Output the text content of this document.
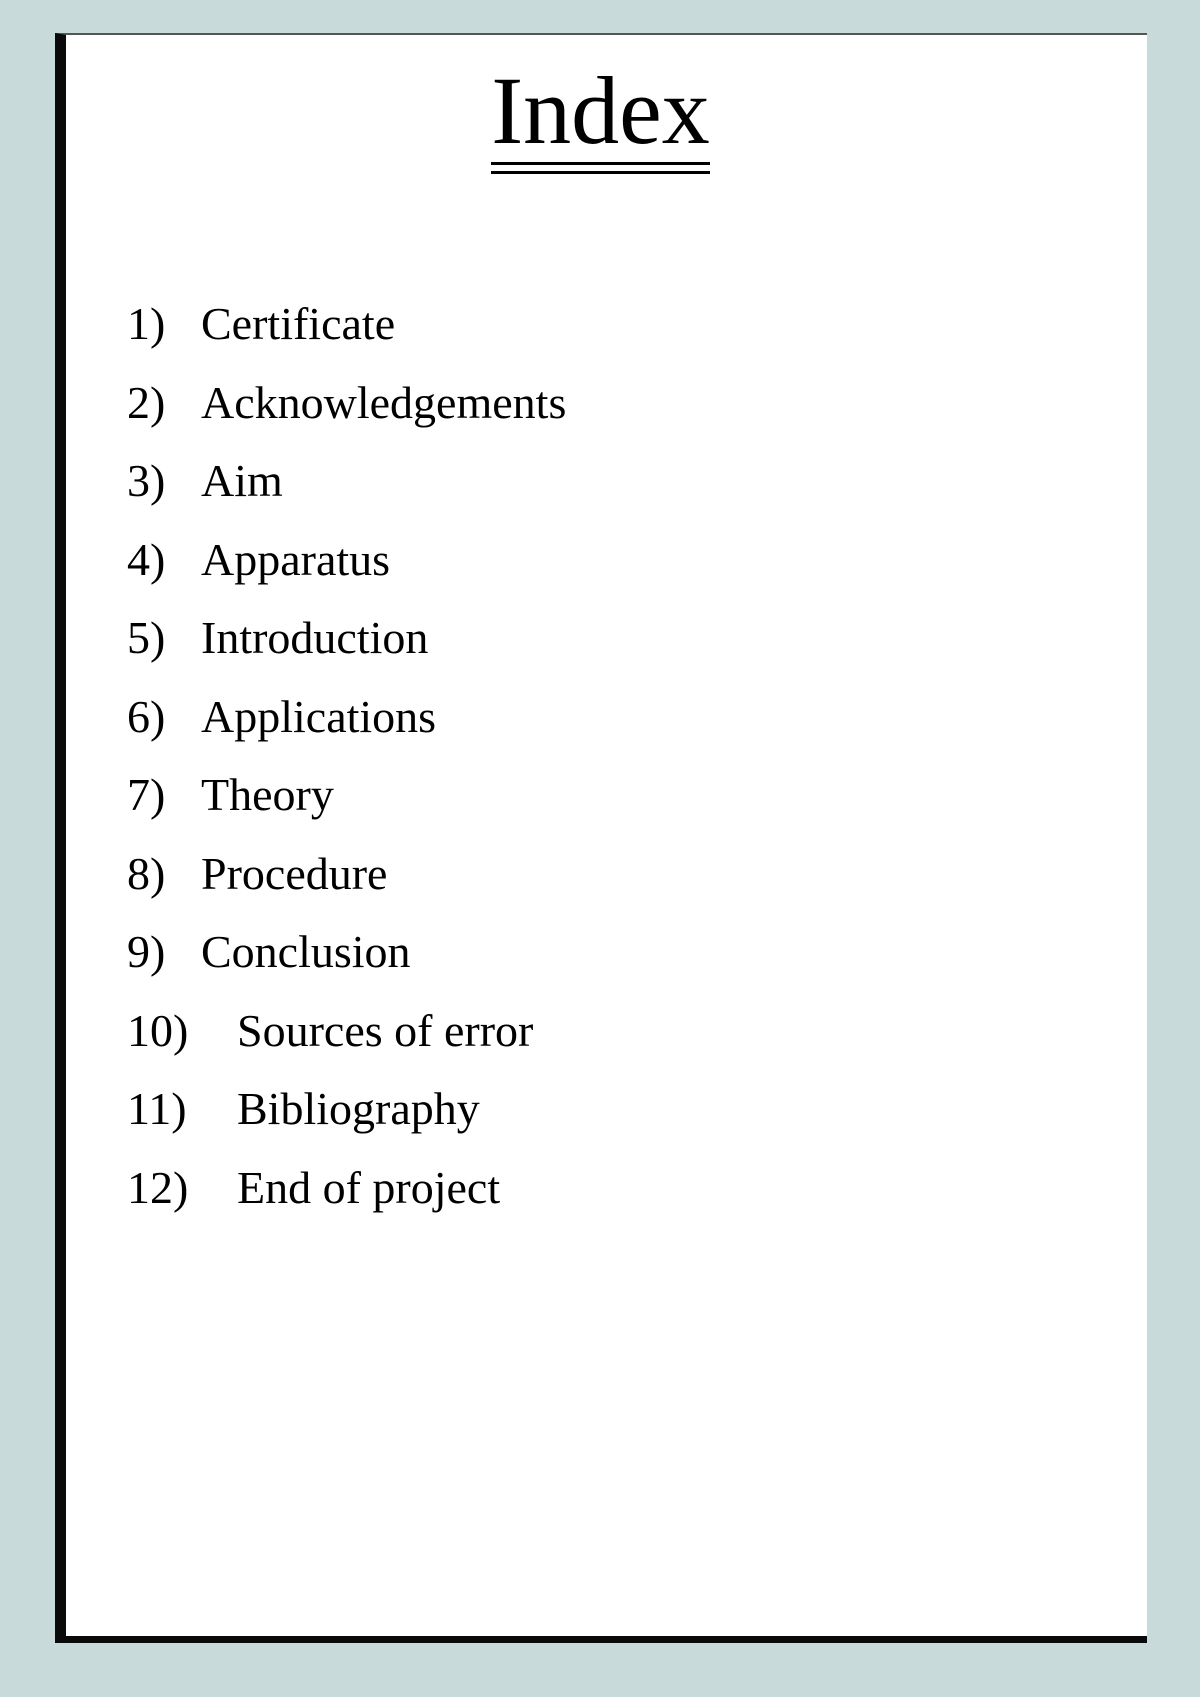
Index
1) Certificate
2) Acknowledgements
3) Aim
4) Apparatus
5) Introduction
6) Applications
7) Theory
8) Procedure
9) Conclusion
10)	Sources of error
11)	Bibliography
12)	End of project
